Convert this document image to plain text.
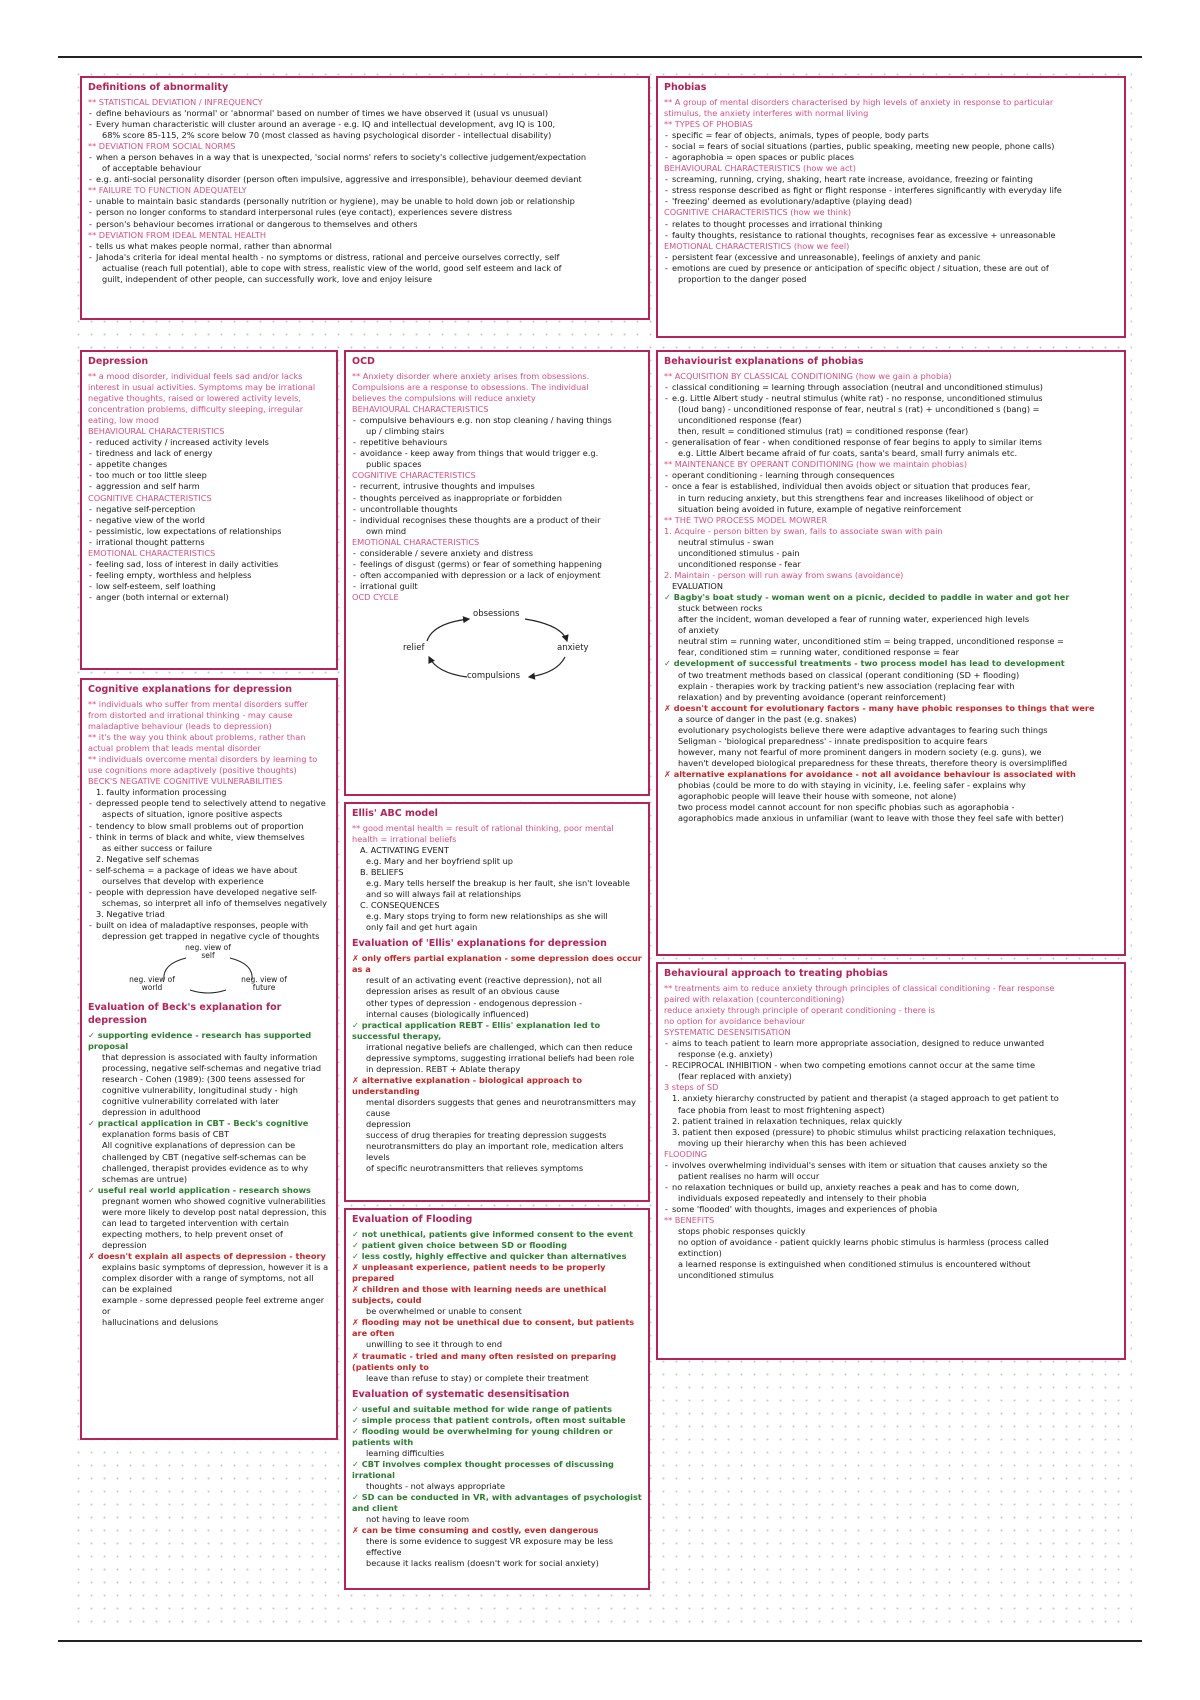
Definitions of abnormality

** STATISTICAL DEVIATION / INFREQUENCY

- define behaviours as 'normal' or 'abnormal' based on number of times we have observed it (usual vs unusual)

- Every human characteristic will cluster around an average - e.g. IQ and intellectual development, avg IQ is 100,

68% score 85-115, 2% score below 70 (most classed as having psychological disorder - intellectual disability)

** DEVIATION FROM SOCIAL NORMS

- when a person behaves in a way that is unexpected, 'social norms' refers to society's collective judgement/expectation

of acceptable behaviour

- e.g. anti-social personality disorder (person often impulsive, aggressive and irresponsible), behaviour deemed deviant

** FAILURE TO FUNCTION ADEQUATELY

- unable to maintain basic standards (personally nutrition or hygiene), may be unable to hold down job or relationship

- person no longer conforms to standard interpersonal rules (eye contact), experiences severe distress

- person's behaviour becomes irrational or dangerous to themselves and others

** DEVIATION FROM IDEAL MENTAL HEALTH

- tells us what makes people normal, rather than abnormal

- Jahoda's criteria for ideal mental health - no symptoms or distress, rational and perceive ourselves correctly, self

actualise (reach full potential), able to cope with stress, realistic view of the world, good self esteem and lack of

guilt, independent of other people, can successfully work, love and enjoy leisure

Phobias

** A group of mental disorders characterised by high levels of anxiety in response to particular

stimulus, the anxiety interferes with normal living

** TYPES OF PHOBIAS

- specific = fear of objects, animals, types of people, body parts

- social = fears of social situations (parties, public speaking, meeting new people, phone calls)

- agoraphobia = open spaces or public places

BEHAVIOURAL CHARACTERISTICS (how we act)

- screaming, running, crying, shaking, heart rate increase, avoidance, freezing or fainting

- stress response described as fight or flight response - interferes significantly with everyday life

- 'freezing' deemed as evolutionary/adaptive (playing dead)

COGNITIVE CHARACTERISTICS (how we think)

- relates to thought processes and irrational thinking

- faulty thoughts, resistance to rational thoughts, recognises fear as excessive + unreasonable

EMOTIONAL CHARACTERISTICS (how we feel)

- persistent fear (excessive and unreasonable), feelings of anxiety and panic

- emotions are cued by presence or anticipation of specific object / situation, these are out of

proportion to the danger posed

Depression

** a mood disorder, individual feels sad and/or lacks

interest in usual activities. Symptoms may be irrational

negative thoughts, raised or lowered activity levels,

concentration problems, difficulty sleeping, irregular

eating, low mood

BEHAVIOURAL CHARACTERISTICS

- reduced activity / increased activity levels

- tiredness and lack of energy

- appetite changes

- too much or too little sleep

- aggression and self harm

COGNITIVE CHARACTERISTICS

- negative self-perception

- negative view of the world

- pessimistic, low expectations of relationships

- irrational thought patterns

EMOTIONAL CHARACTERISTICS

- feeling sad, loss of interest in daily activities

- feeling empty, worthless and helpless

- low self-esteem, self loathing

- anger (both internal or external)

OCD

** Anxiety disorder where anxiety arises from obsessions.

Compulsions are a response to obsessions. The individual

believes the compulsions will reduce anxiety

BEHAVIOURAL CHARACTERISTICS

- compulsive behaviours e.g. non stop cleaning / having things

up / climbing stairs

- repetitive behaviours

- avoidance - keep away from things that would trigger e.g.

public spaces

COGNITIVE CHARACTERISTICS

- recurrent, intrusive thoughts and impulses

- thoughts perceived as inappropriate or forbidden

- uncontrollable thoughts

- individual recognises these thoughts are a product of their

own mind

EMOTIONAL CHARACTERISTICS

- considerable / severe anxiety and distress

- feelings of disgust (germs) or fear of something happening

- often accompanied with depression or a lack of enjoyment

- irrational guilt

OCD CYCLE

obsessions
anxiety
compulsions
relief
Behaviourist explanations of phobias

** ACQUISITION BY CLASSICAL CONDITIONING (how we gain a phobia)

- classical conditioning = learning through association (neutral and unconditioned stimulus)

- e.g. Little Albert study - neutral stimulus (white rat) - no response, unconditioned stimulus

(loud bang) - unconditioned response of fear, neutral s (rat) + unconditioned s (bang) =

unconditioned response (fear)

then, result = conditioned stimulus (rat) = conditioned response (fear)

- generalisation of fear - when conditioned response of fear begins to apply to similar items

e.g. Little Albert became afraid of fur coats, santa's beard, small furry animals etc.

** MAINTENANCE BY OPERANT CONDITIONING (how we maintain phobias)

- operant conditioning - learning through consequences

- once a fear is established, individual then avoids object or situation that produces fear,

in turn reducing anxiety, but this strengthens fear and increases likelihood of object or

situation being avoided in future, example of negative reinforcement

** THE TWO PROCESS MODEL MOWRER

1. Acquire - person bitten by swan, fails to associate swan with pain

neutral stimulus - swan

unconditioned stimulus - pain

unconditioned response - fear

2. Maintain - person will run away from swans (avoidance)

EVALUATION

✓ Bagby's boat study - woman went on a picnic, decided to paddle in water and got her

stuck between rocks

after the incident, woman developed a fear of running water, experienced high levels

of anxiety

neutral stim = running water, unconditioned stim = being trapped, unconditioned response =

fear, conditioned stim = running water, conditioned response = fear

✓ development of successful treatments - two process model has lead to development

of two treatment methods based on classical (operant conditioning (SD + flooding)

explain - therapies work by tracking patient's new association (replacing fear with

relaxation) and by preventing avoidance (operant reinforcement)

✗ doesn't account for evolutionary factors - many have phobic responses to things that were

a source of danger in the past (e.g. snakes)

evolutionary psychologists believe there were adaptive advantages to fearing such things

Seligman - 'biological preparedness' - innate predisposition to acquire fears

however, many not fearful of more prominent dangers in modern society (e.g. guns), we

haven't developed biological preparedness for these threats, therefore theory is oversimplified

✗ alternative explanations for avoidance - not all avoidance behaviour is associated with

phobias (could be more to do with staying in vicinity, i.e. feeling safer - explains why

agoraphobic people will leave their house with someone, not alone)

two process model cannot account for non specific phobias such as agoraphobia -

agoraphobics made anxious in unfamiliar (want to leave with those they feel safe with better)

Cognitive explanations for depression

** individuals who suffer from mental disorders suffer

from distorted and irrational thinking - may cause

maladaptive behaviour (leads to depression)

** it's the way you think about problems, rather than

actual problem that leads mental disorder

** individuals overcome mental disorders by learning to

use cognitions more adaptively (positive thoughts)

BECK'S NEGATIVE COGNITIVE VULNERABILITIES

1. faulty information processing

- depressed people tend to selectively attend to negative

aspects of situation, ignore positive aspects

- tendency to blow small problems out of proportion

- think in terms of black and white, view themselves

as either success or failure

2. Negative self schemas

- self-schema = a package of ideas we have about

ourselves that develop with experience

- people with depression have developed negative self-

schemas, so interpret all info of themselves negatively

3. Negative triad

- built on idea of maladaptive responses, people with

depression get trapped in negative cycle of thoughts

neg. view of self
neg. view of world
neg. view of future
Evaluation of Beck's explanation for depression

✓ supporting evidence - research has supported proposal

that depression is associated with faulty information

processing, negative self-schemas and negative triad

research - Cohen (1989): (300 teens assessed for

cognitive vulnerability, longitudinal study - high

cognitive vulnerability correlated with later

depression in adulthood

✓ practical application in CBT - Beck's cognitive

explanation forms basis of CBT

All cognitive explanations of depression can be

challenged by CBT (negative self-schemas can be

challenged, therapist provides evidence as to why

schemas are untrue)

✓ useful real world application - research shows

pregnant women who showed cognitive vulnerabilities

were more likely to develop post natal depression, this

can lead to targeted intervention with certain

expecting mothers, to help prevent onset of depression

✗ doesn't explain all aspects of depression - theory

explains basic symptoms of depression, however it is a

complex disorder with a range of symptoms, not all

can be explained

example - some depressed people feel extreme anger or

hallucinations and delusions

Ellis' ABC model

** good mental health = result of rational thinking, poor mental

health = irrational beliefs

A. ACTIVATING EVENT

e.g. Mary and her boyfriend split up

B. BELIEFS

e.g. Mary tells herself the breakup is her fault, she isn't loveable

and so will always fail at relationships

C. CONSEQUENCES

e.g. Mary stops trying to form new relationships as she will

only fail and get hurt again

Evaluation of 'Ellis' explanations for depression

✗ only offers partial explanation - some depression does occur as a

result of an activating event (reactive depression), not all

depression arises as result of an obvious cause

other types of depression - endogenous depression -

internal causes (biologically influenced)

✓ practical application REBT - Ellis' explanation led to successful therapy,

irrational negative beliefs are challenged, which can then reduce

depressive symptoms, suggesting irrational beliefs had been role

in depression. REBT + Ablate therapy

✗ alternative explanation - biological approach to understanding

mental disorders suggests that genes and neurotransmitters may cause

depression

success of drug therapies for treating depression suggests

neurotransmitters do play an important role, medication alters levels

of specific neurotransmitters that relieves symptoms

Behavioural approach to treating phobias

** treatments aim to reduce anxiety through principles of classical conditioning - fear response

paired with relaxation (counterconditioning)

reduce anxiety through principle of operant conditioning - there is

no option for avoidance behaviour

SYSTEMATIC DESENSITISATION

- aims to teach patient to learn more appropriate association, designed to reduce unwanted

response (e.g. anxiety)

- RECIPROCAL INHIBITION - when two competing emotions cannot occur at the same time

(fear replaced with anxiety)

3 steps of SD

1. anxiety hierarchy constructed by patient and therapist (a staged approach to get patient to

face phobia from least to most frightening aspect)

2. patient trained in relaxation techniques, relax quickly

3. patient then exposed (pressure) to phobic stimulus whilst practicing relaxation techniques,

moving up their hierarchy when this has been achieved

FLOODING

- involves overwhelming individual's senses with item or situation that causes anxiety so the

patient realises no harm will occur

- no relaxation techniques or build up, anxiety reaches a peak and has to come down,

individuals exposed repeatedly and intensely to their phobia

- some 'flooded' with thoughts, images and experiences of phobia

** BENEFITS

stops phobic responses quickly

no option of avoidance - patient quickly learns phobic stimulus is harmless (process called

extinction)

a learned response is extinguished when conditioned stimulus is encountered without

unconditioned stimulus

Evaluation of Flooding

✓ not unethical, patients give informed consent to the event

✓ patient given choice between SD or flooding

✓ less costly, highly effective and quicker than alternatives

✗ unpleasant experience, patient needs to be properly prepared

✗ children and those with learning needs are unethical subjects, could

be overwhelmed or unable to consent

✗ flooding may not be unethical due to consent, but patients are often

unwilling to see it through to end

✗ traumatic - tried and many often resisted on preparing (patients only to

leave than refuse to stay) or complete their treatment

Evaluation of systematic desensitisation

✓ useful and suitable method for wide range of patients

✓ simple process that patient controls, often most suitable

✓ flooding would be overwhelming for young children or patients with

learning difficulties

✓ CBT involves complex thought processes of discussing irrational

thoughts - not always appropriate

✓ SD can be conducted in VR, with advantages of psychologist and client

not having to leave room

✗ can be time consuming and costly, even dangerous

there is some evidence to suggest VR exposure may be less effective

because it lacks realism (doesn't work for social anxiety)
